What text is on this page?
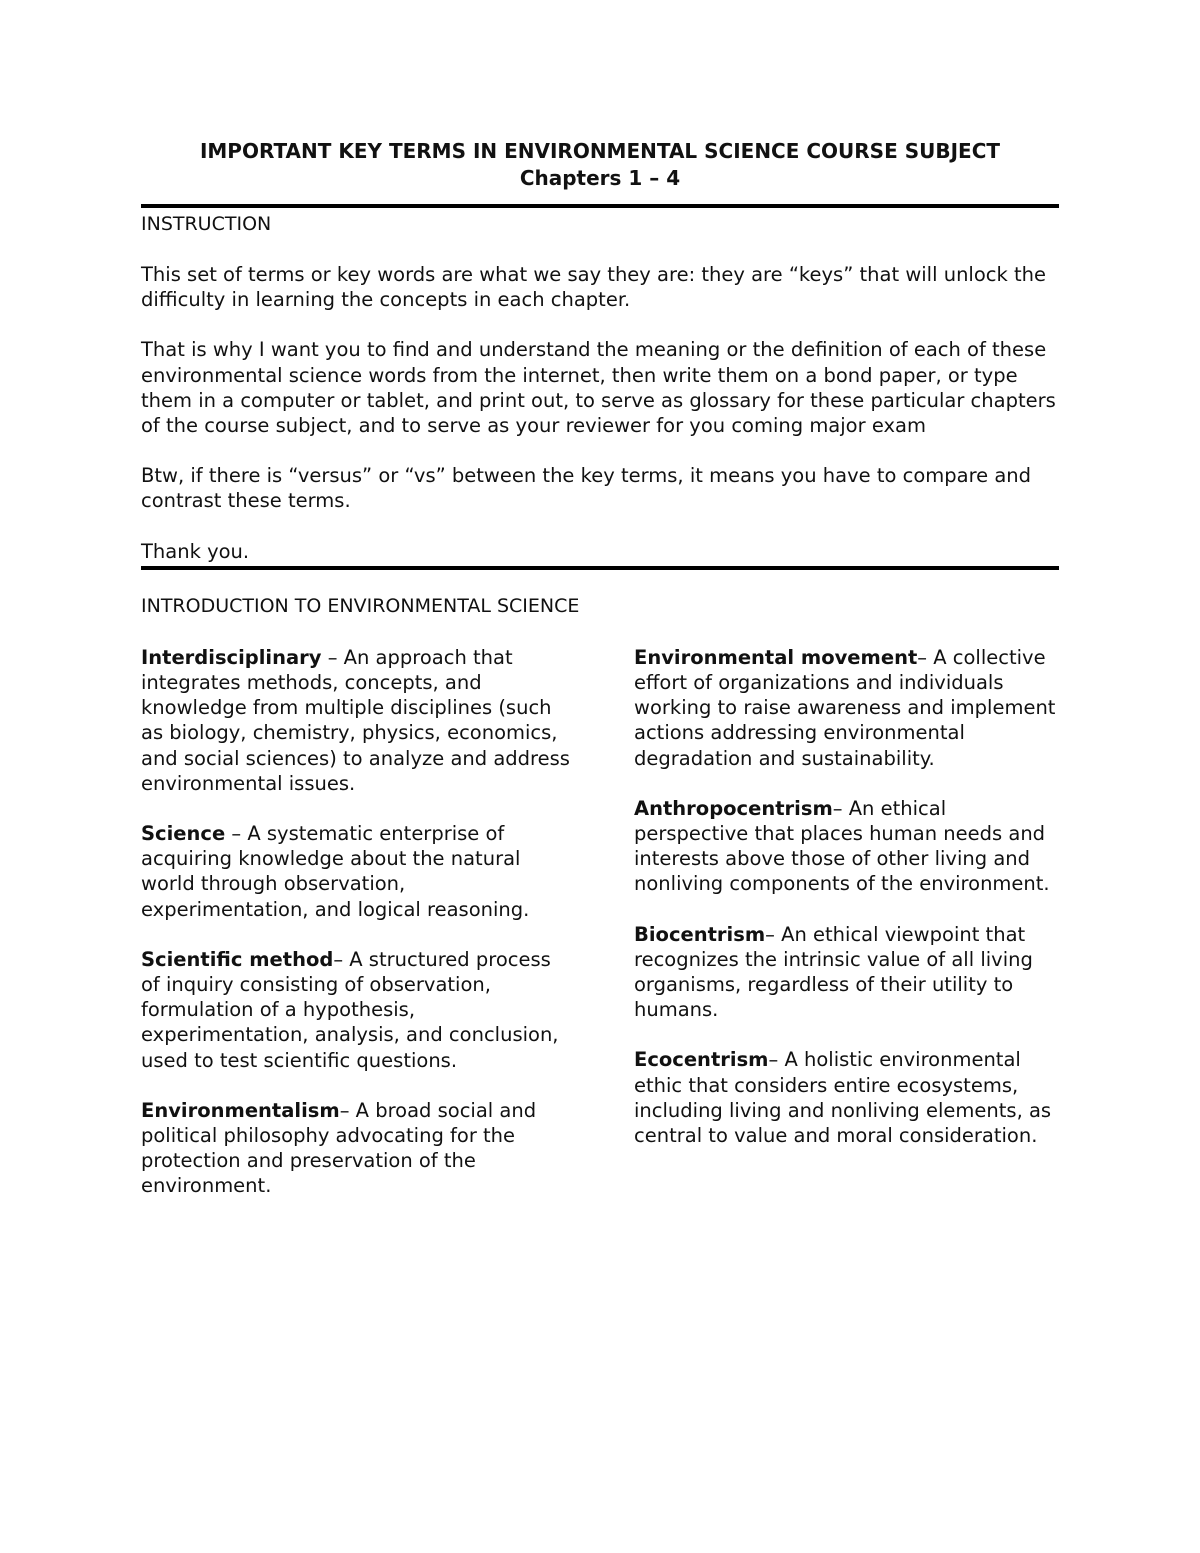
IMPORTANT KEY TERMS IN ENVIRONMENTAL SCIENCE COURSE SUBJECT

Chapters 1 – 4

INSTRUCTION

This set of terms or key words are what we say they are: they are “keys” that will unlock the difficulty in learning the concepts in each chapter.

That is why I want you to find and understand the meaning or the definition of each of these environmental science words from the internet, then write them on a bond paper, or type them in a computer or tablet, and print out, to serve as glossary for these particular chapters of the course subject, and to serve as your reviewer for you coming major exam

Btw, if there is “versus” or “vs” between the key terms, it means you have to compare and contrast these terms.

Thank you.

INTRODUCTION TO ENVIRONMENTAL SCIENCE

Interdisciplinary – An approach that integrates methods, concepts, and knowledge from multiple disciplines (such as biology, chemistry, physics, economics, and social sciences) to analyze and address environmental issues.

Science – A systematic enterprise of acquiring knowledge about the natural world through observation, experimentation, and logical reasoning.

Scientific method– A structured process of inquiry consisting of observation, formulation of a hypothesis, experimentation, analysis, and conclusion, used to test scientific questions.

Environmentalism– A broad social and political philosophy advocating for the protection and preservation of the environment.

Environmental movement– A collective effort of organizations and individuals working to raise awareness and implement actions addressing environmental degradation and sustainability.

Anthropocentrism– An ethical perspective that places human needs and interests above those of other living and nonliving components of the environment.

Biocentrism– An ethical viewpoint that recognizes the intrinsic value of all living organisms, regardless of their utility to humans.

Ecocentrism– A holistic environmental ethic that considers entire ecosystems, including living and nonliving elements, as central to value and moral consideration.
